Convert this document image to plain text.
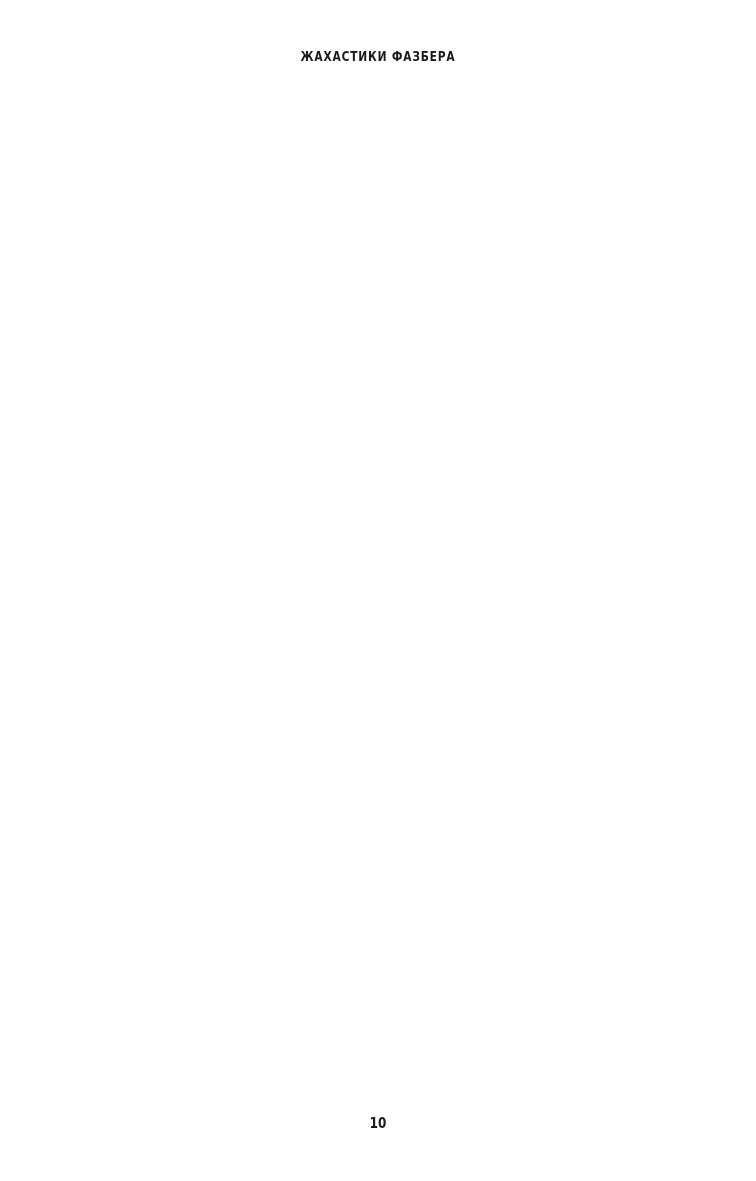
ЖАХАСТИКИ ФАЗБЕРА
10
